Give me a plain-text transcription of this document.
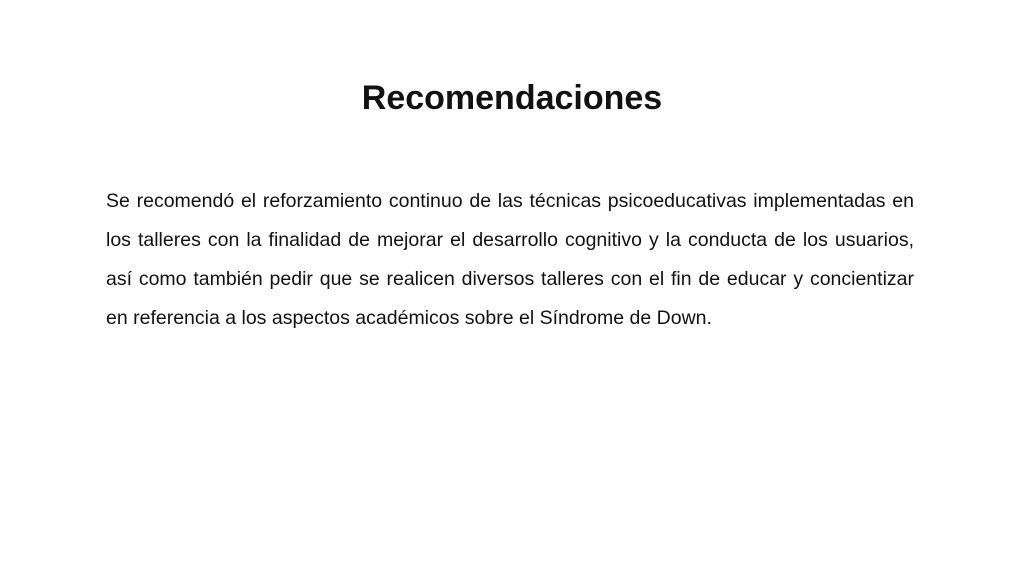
Recomendaciones

Se recomendó el reforzamiento continuo de las técnicas psicoeducativas implementadas en los talleres con la finalidad de mejorar el desarrollo cognitivo y la conducta de los usuarios, así como también pedir que se realicen diversos talleres con el fin de educar y concientizar en referencia a los aspectos académicos sobre el Síndrome de Down.
